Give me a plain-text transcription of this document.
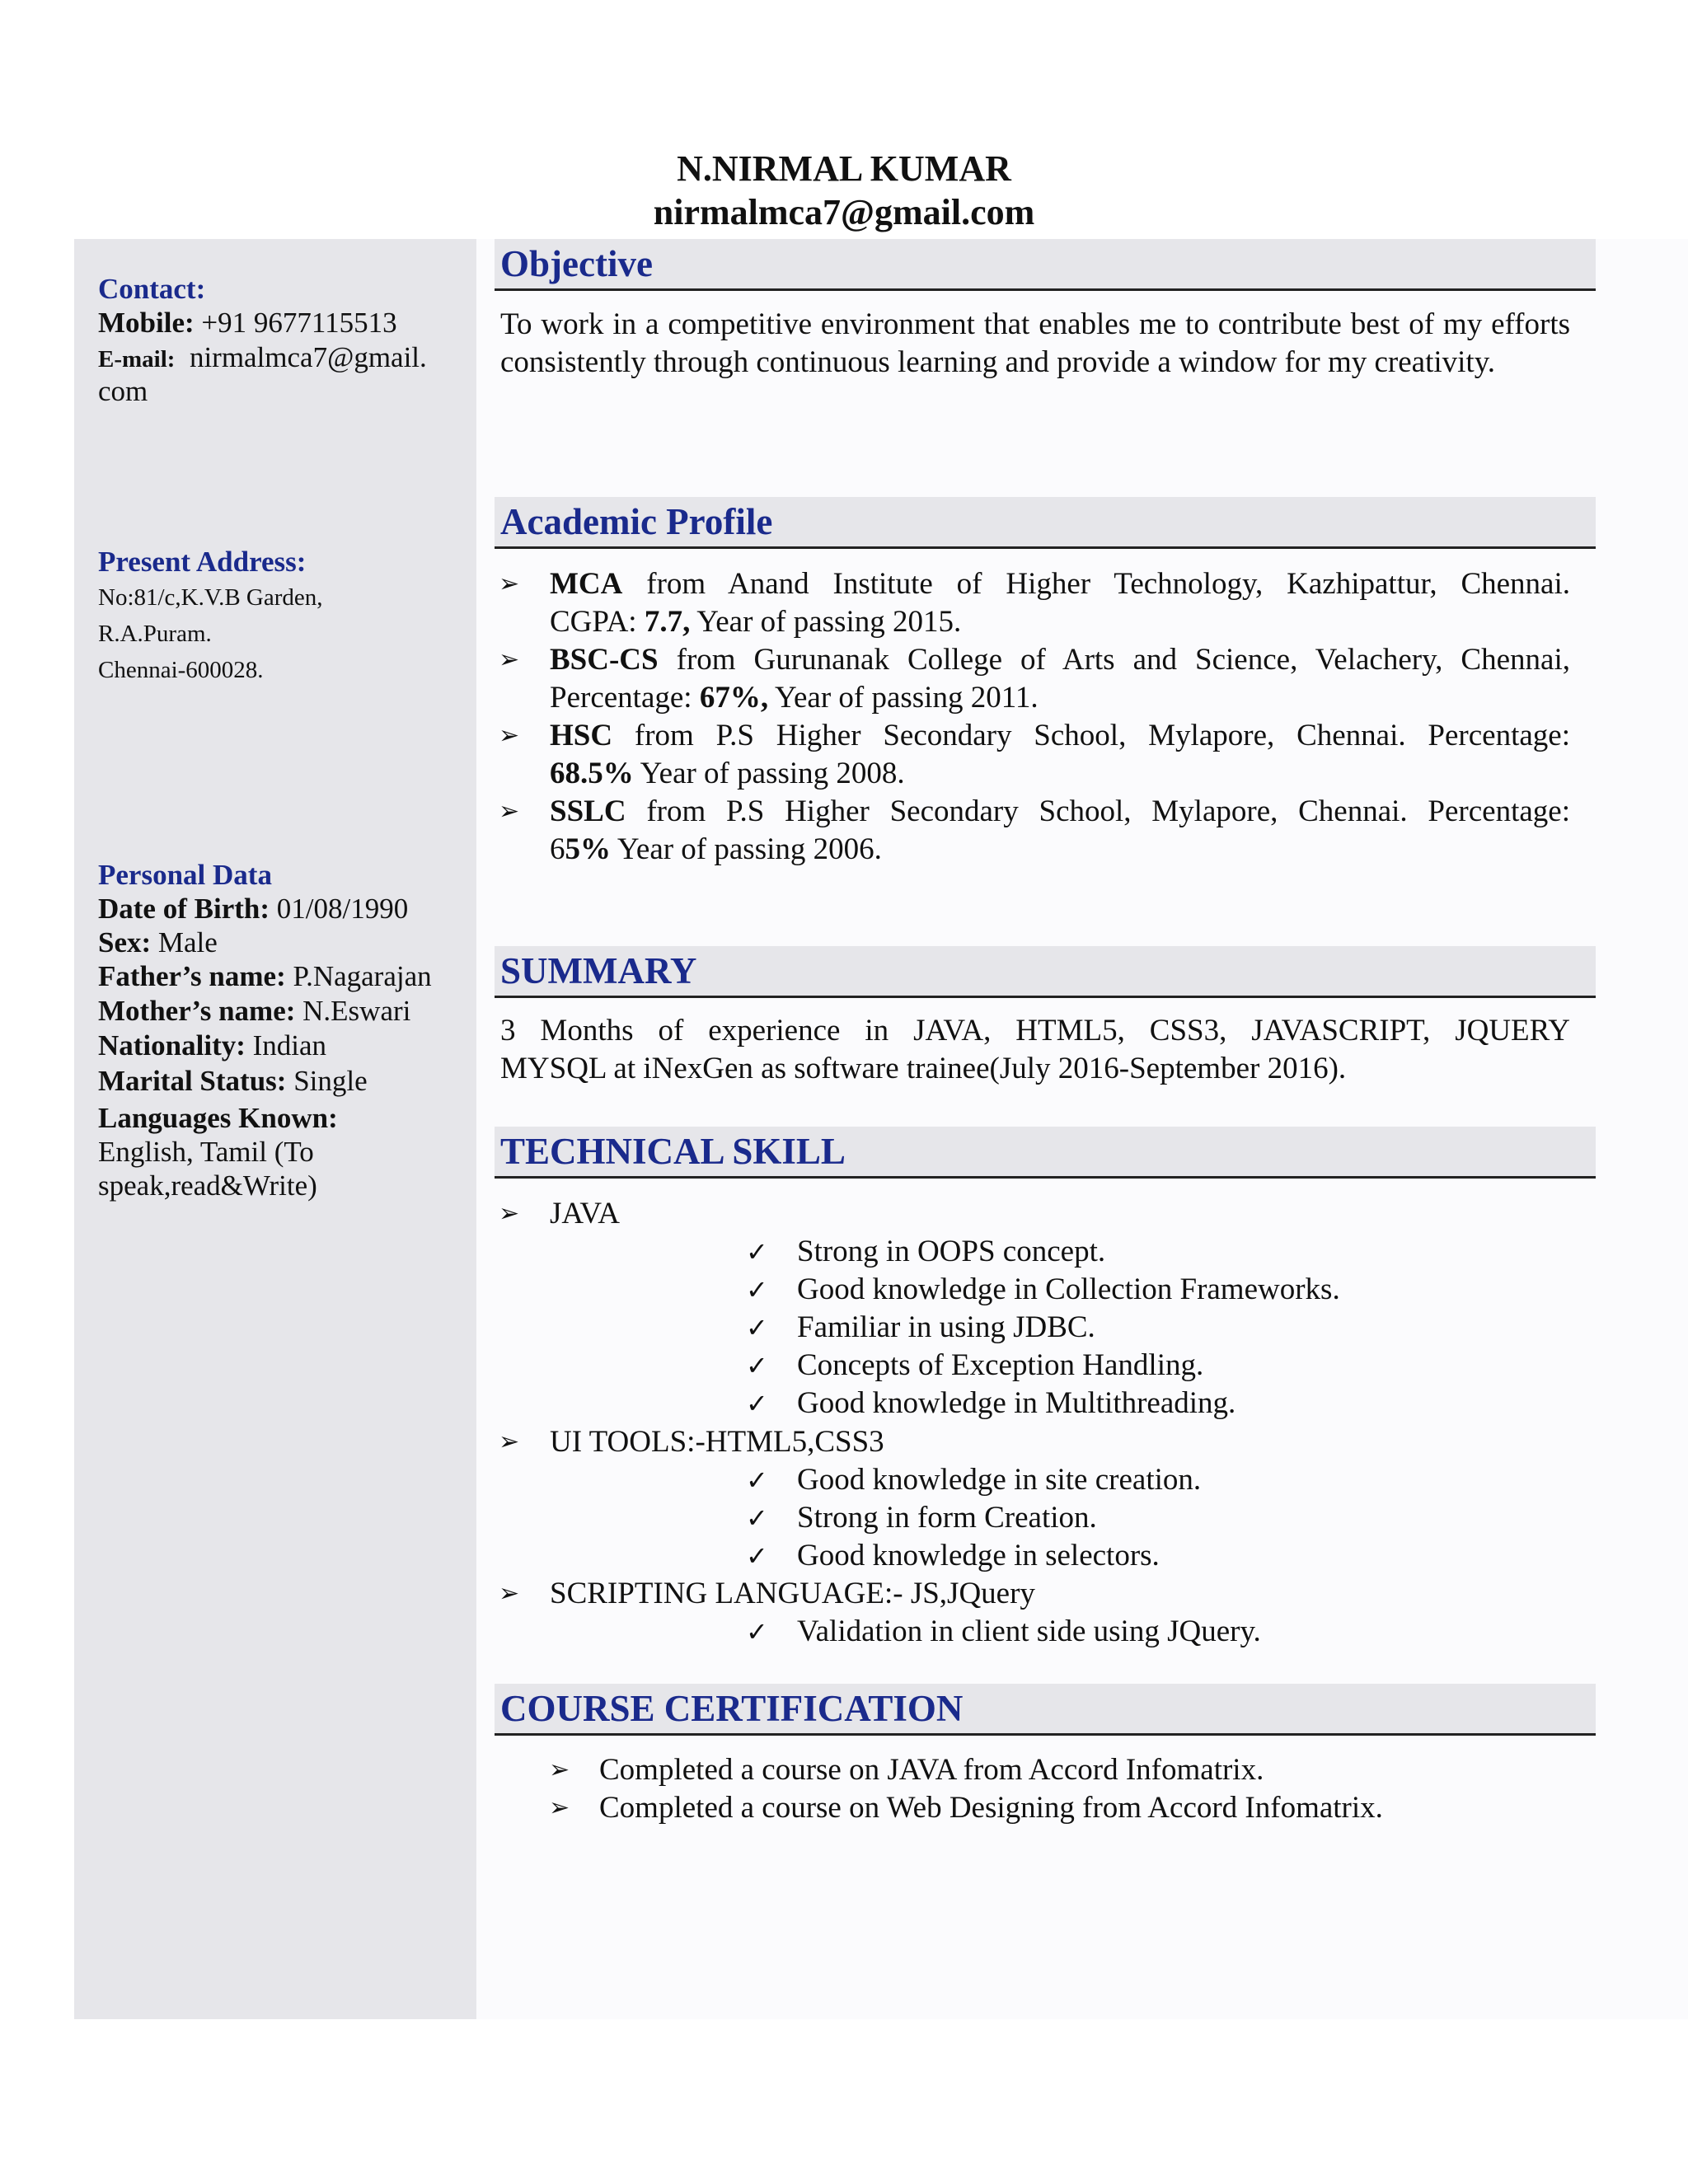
N.NIRMAL KUMAR
nirmalmca7@gmail.com
Contact:
Mobile: +91 9677115513
E-mail: nirmalmca7@gmail.
com
Present Address:
No:81/c,K.V.B Garden,
R.A.Puram.
Chennai-600028.
Personal Data
Date of Birth: 01/08/1990
Sex: Male
Father’s name: P.Nagarajan
Mother’s name: N.Eswari
Nationality: Indian
Marital Status: Single
Languages Known:
English, Tamil (To
speak,read&Write)
Objective
To work in a competitive environment that enables me to contribute best of my efforts consistently through continuous learning and provide a window for my creativity.
Academic Profile
➢ MCA from Anand Institute of Higher Technology, Kazhipattur, Chennai.
CGPA: 7.7, Year of passing 2015.
➢ BSC-CS from Gurunanak College of Arts and Science, Velachery, Chennai,
Percentage: 67%, Year of passing 2011.
➢ HSC from P.S Higher Secondary School, Mylapore, Chennai. Percentage:
68.5% Year of passing 2008.
➢ SSLC from P.S Higher Secondary School, Mylapore, Chennai. Percentage:
65% Year of passing 2006.
SUMMARY
3 Months of experience in JAVA, HTML5, CSS3, JAVASCRIPT, JQUERY
MYSQL at iNexGen as software trainee(July 2016-September 2016).
TECHNICAL SKILL
➢ JAVA
✓ Strong in OOPS concept.
✓ Good knowledge in Collection Frameworks.
✓ Familiar in using JDBC.
✓ Concepts of Exception Handling.
✓ Good knowledge in Multithreading.
➢ UI TOOLS:-HTML5,CSS3
✓ Good knowledge in site creation.
✓ Strong in form Creation.
✓ Good knowledge in selectors.
➢ SCRIPTING LANGUAGE:- JS,JQuery
✓ Validation in client side using JQuery.
COURSE CERTIFICATION
➢ Completed a course on JAVA from Accord Infomatrix.
➢ Completed a course on Web Designing from Accord Infomatrix.
